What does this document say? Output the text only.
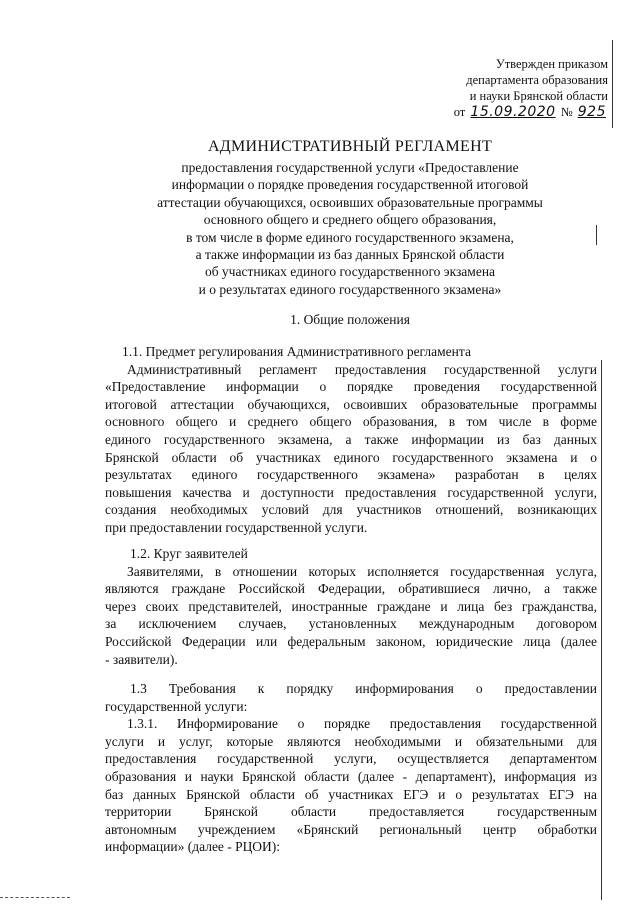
Утвержден приказом
департамента образования
и науки Брянской области
от 15.09.2020 № 925
АДМИНИСТРАТИВНЫЙ РЕГЛАМЕНТ
предоставления государственной услуги «Предоставление
информации о порядке проведения государственной итоговой
аттестации обучающихся, освоивших образовательные программы
основного общего и среднего общего образования,
в том числе в форме единого государственного экзамена,
а также информации из баз данных Брянской области
об участниках единого государственного экзамена
и о результатах единого государственного экзамена»
1. Общие положения
1.1. Предмет регулирования Административного регламента
Административный регламент предоставления государственной услуги
«Предоставление информации о порядке проведения государственной
итоговой аттестации обучающихся, освоивших образовательные программы
основного общего и среднего общего образования, в том числе в форме
единого государственного экзамена, а также информации из баз данных
Брянской области об участниках единого государственного экзамена и о
результатах единого государственного экзамена» разработан в целях
повышения качества и доступности предоставления государственной услуги,
создания необходимых условий для участников отношений, возникающих
при предоставлении государственной услуги.
1.2. Круг заявителей
Заявителями, в отношении которых исполняется государственная услуга,
являются граждане Российской Федерации, обратившиеся лично, а также
через своих представителей, иностранные граждане и лица без гражданства,
за исключением случаев, установленных международным договором
Российской Федерации или федеральным законом, юридические лица (далее
- заявители).
1.3 Требования к порядку информирования о предоставлении
государственной услуги:
1.3.1. Информирование о порядке предоставления государственной
услуги и услуг, которые являются необходимыми и обязательными для
предоставления государственной услуги, осуществляется департаментом
образования и науки Брянской области (далее - департамент), информация из
баз данных Брянской области об участниках ЕГЭ и о результатах ЕГЭ на
территории Брянской области предоставляется государственным
автономным учреждением «Брянский региональный центр обработки
информации» (далее - РЦОИ):
